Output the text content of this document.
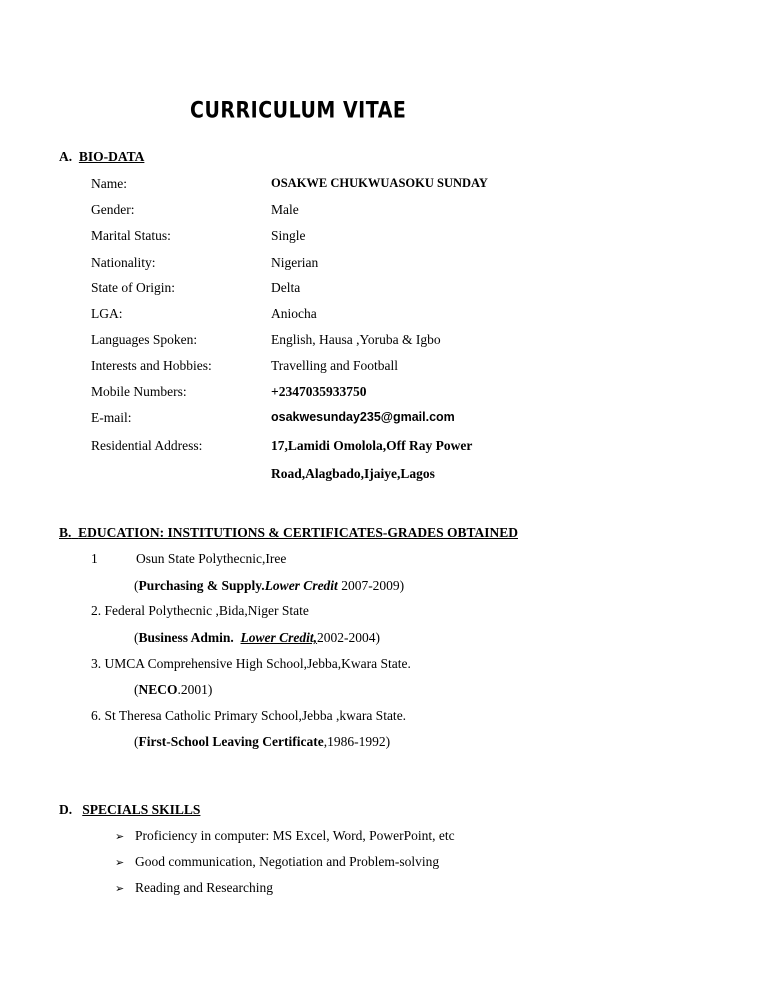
CURRICULUM VITAE
A. BIO-DATA
Name:	OSAKWE CHUKWUASOKU SUNDAY
Gender:	Male
Marital Status:	Single
Nationality:	Nigerian
State of Origin:	Delta
LGA:	Aniocha
Languages Spoken:	English, Hausa ,Yoruba & Igbo
Interests and Hobbies:	Travelling and Football
Mobile Numbers:	+2347035933750
E-mail:	osakwesunday235@gmail.com
Residential Address:	17,Lamidi Omolola,Off Ray Power
Road,Alagbado,Ijaiye,Lagos
B. EDUCATION: INSTITUTIONS & CERTIFICATES-GRADES OBTAINED
1	Osun State Polythecnic,Iree
(Purchasing & Supply.Lower Credit 2007-2009)
2. Federal Polythecnic ,Bida,Niger State
(Business Admin. Lower Credit,2002-2004)
3. UMCA Comprehensive High School,Jebba,Kwara State.
(NECO.2001)
6. St Theresa Catholic Primary School,Jebba ,kwara State.
(First-School Leaving Certificate,1986-1992)
D. SPECIALS SKILLS
➢ Proficiency in computer: MS Excel, Word, PowerPoint, etc
➢ Good communication, Negotiation and Problem-solving
➢ Reading and Researching
